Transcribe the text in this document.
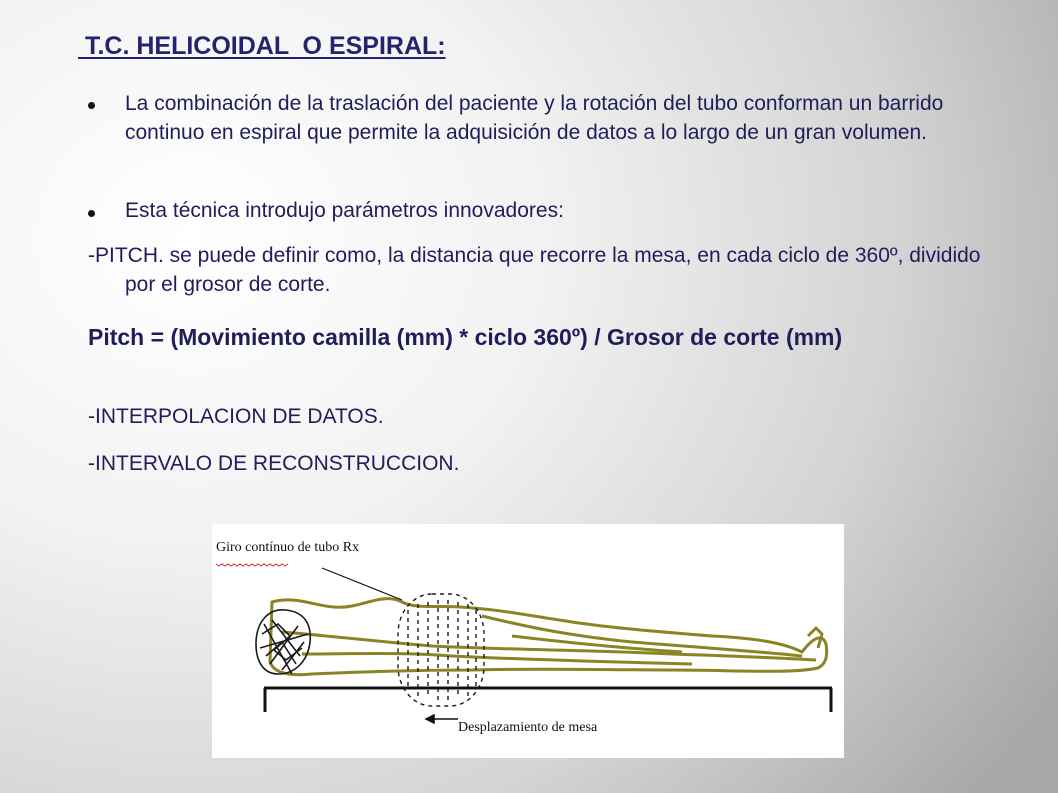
T.C. HELICOIDAL  O ESPIRAL:

La combinación de la traslación del paciente y la rotación del tubo conforman un barrido continuo en espiral que permite la adquisición de datos a lo largo de un gran volumen.

Esta técnica introdujo parámetros innovadores:

-PITCH. se puede definir como, la distancia que recorre la mesa, en cada ciclo de 360º, dividido por el grosor de corte.

Pitch = (Movimiento camilla (mm) * ciclo 360º) / Grosor de corte (mm)

-INTERPOLACION DE DATOS.

-INTERVALO DE RECONSTRUCCION.

Giro contínuo de tubo Rx
Desplazamiento de mesa
